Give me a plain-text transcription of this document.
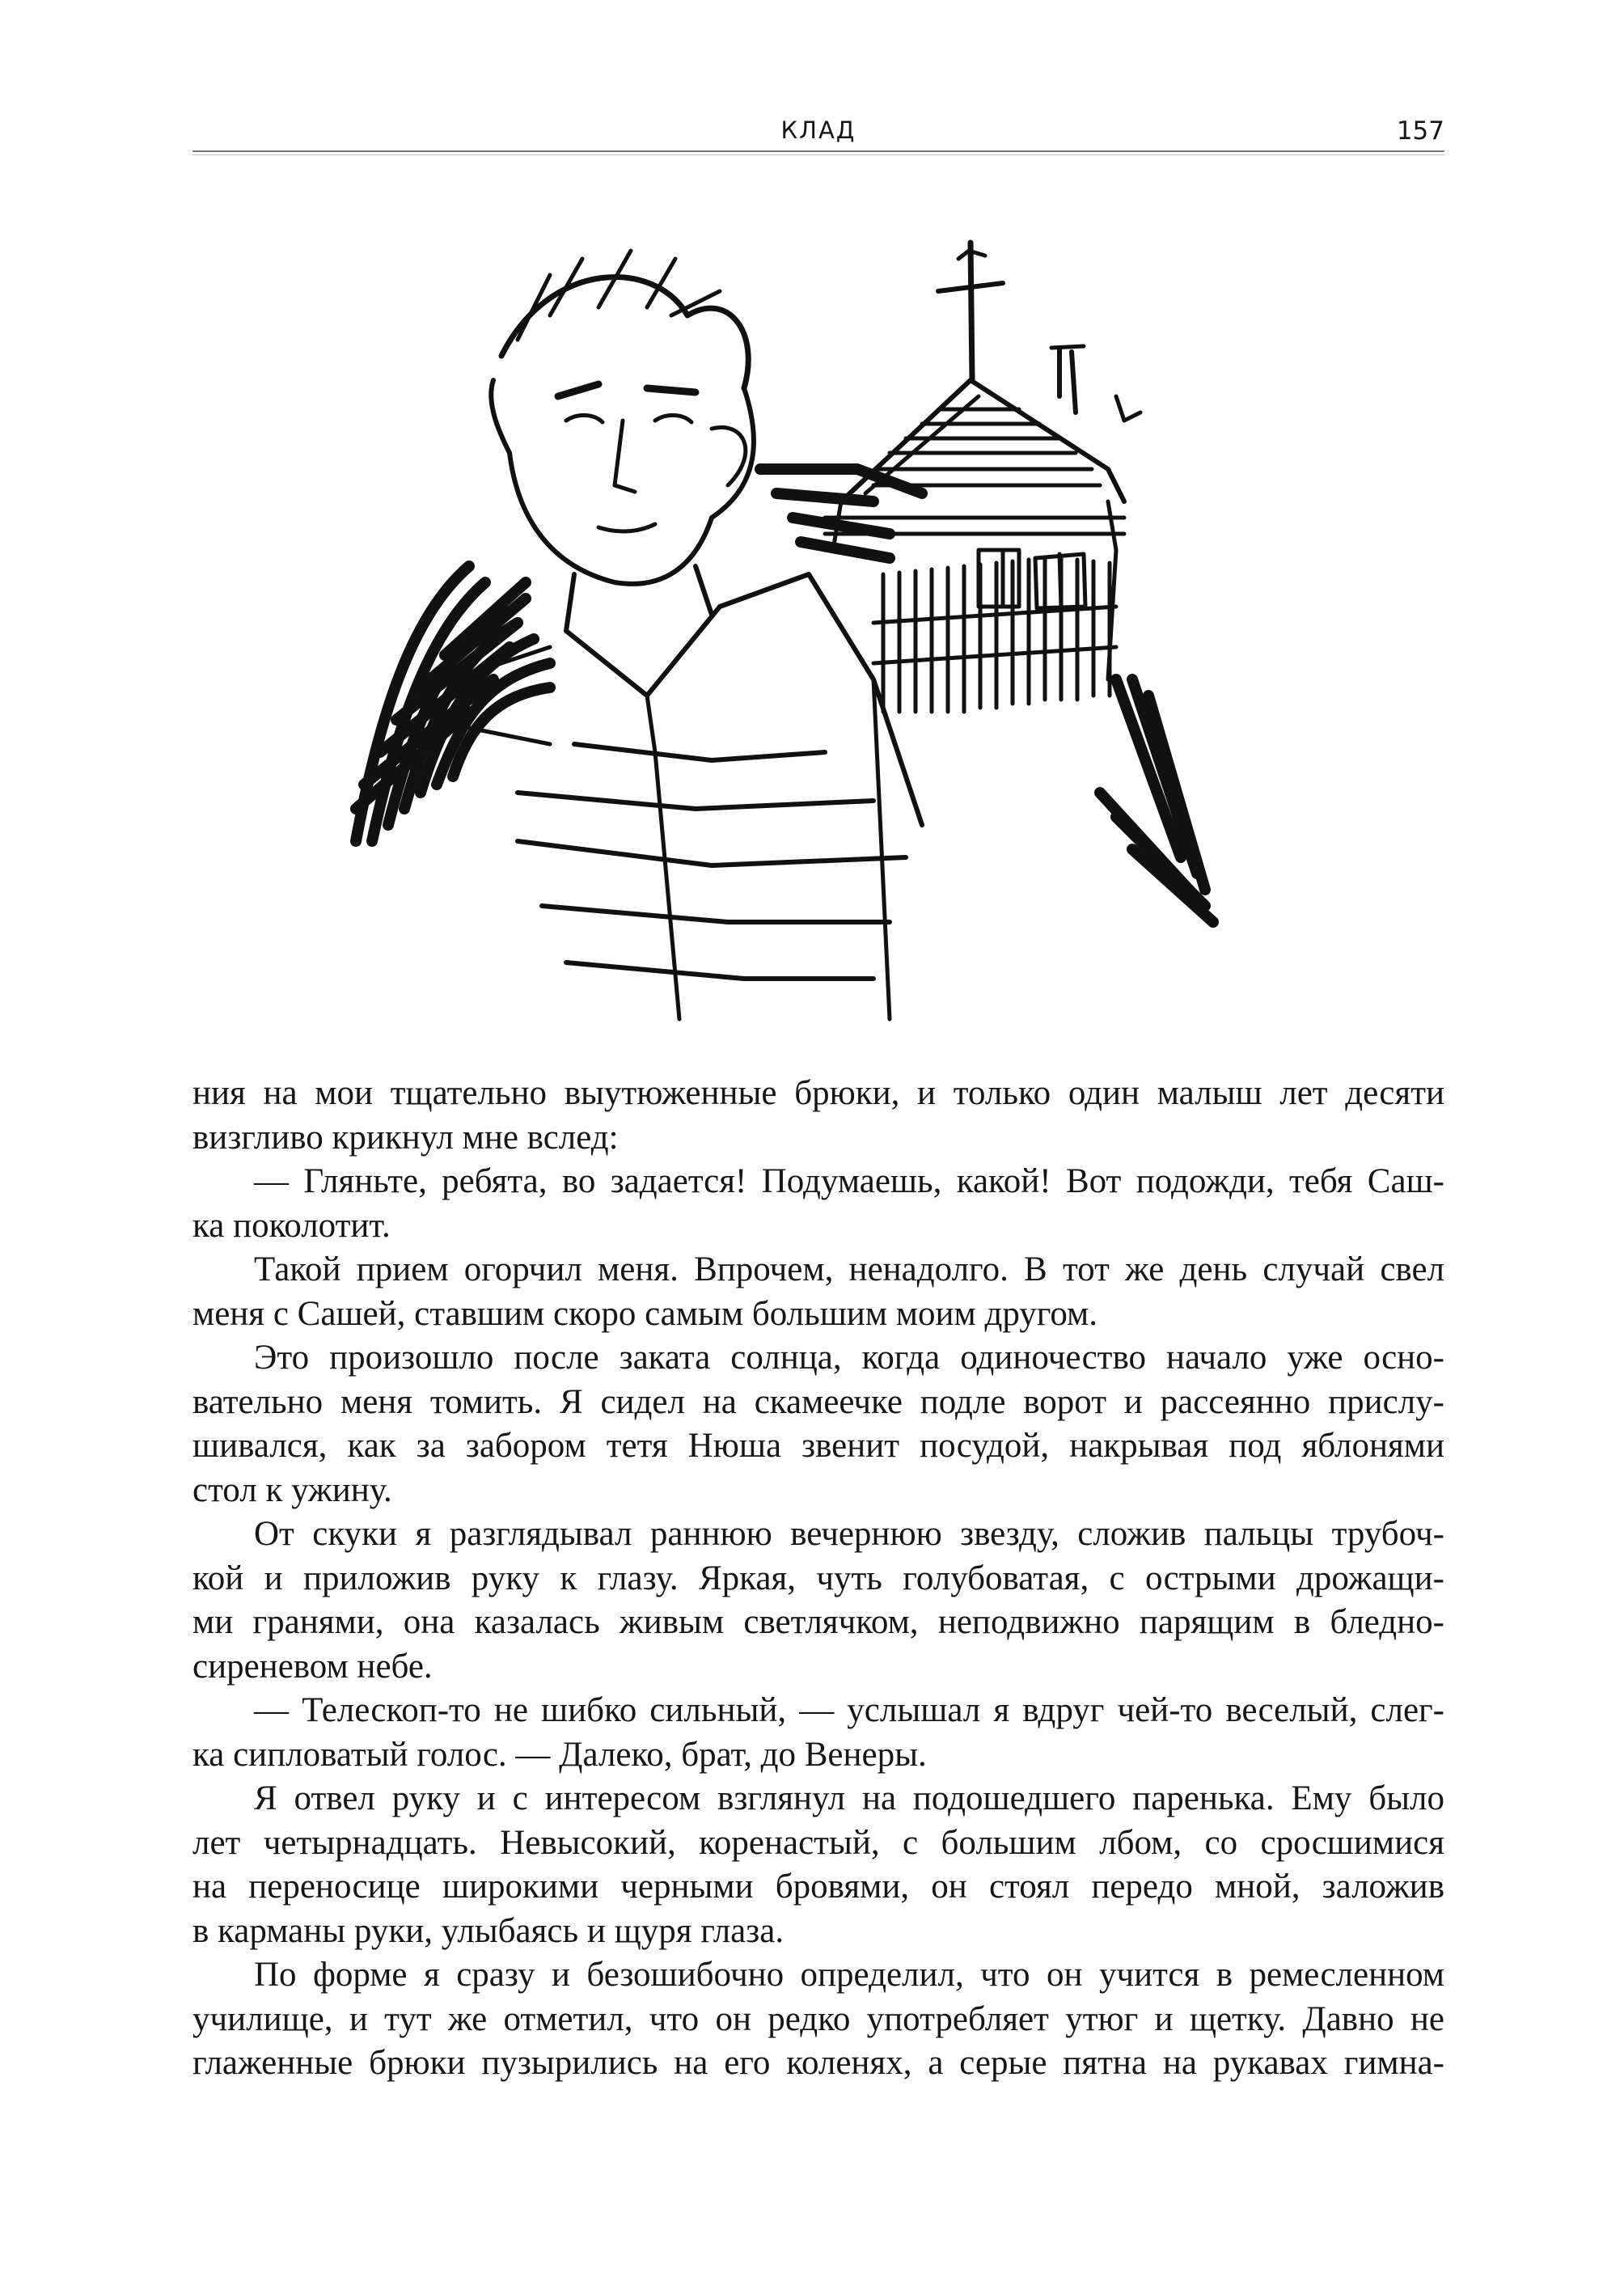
КЛАД	157
ния на мои тщательно выутюженные брюки, и только один малыш лет десяти
визгливо крикнул мне вслед:
— Гляньте, ребята, во задается! Подумаешь, какой! Вот подожди, тебя Саш-
ка поколотит.
Такой прием огорчил меня. Впрочем, ненадолго. В тот же день случай свел
меня с Сашей, ставшим скоро самым большим моим другом.
Это произошло после заката солнца, когда одиночество начало уже осно-
вательно меня томить. Я сидел на скамеечке подле ворот и рассеянно прислу-
шивался, как за забором тетя Нюша звенит посудой, накрывая под яблонями
стол к ужину.
От скуки я разглядывал раннюю вечернюю звезду, сложив пальцы трубоч-
кой и приложив руку к глазу. Яркая, чуть голубоватая, с острыми дрожащи-
ми гранями, она казалась живым светлячком, неподвижно парящим в бледно-
сиреневом небе.
— Телескоп-то не шибко сильный, — услышал я вдруг чей-то веселый, слег-
ка сипловатый голос. — Далеко, брат, до Венеры.
Я отвел руку и с интересом взглянул на подошедшего паренька. Ему было
лет четырнадцать. Невысокий, коренастый, с большим лбом, со сросшимися
на переносице широкими черными бровями, он стоял передо мной, заложив
в карманы руки, улыбаясь и щуря глаза.
По форме я сразу и безошибочно определил, что он учится в ремесленном
училище, и тут же отметил, что он редко употребляет утюг и щетку. Давно не
глаженные брюки пузырились на его коленях, а серые пятна на рукавах гимна-
